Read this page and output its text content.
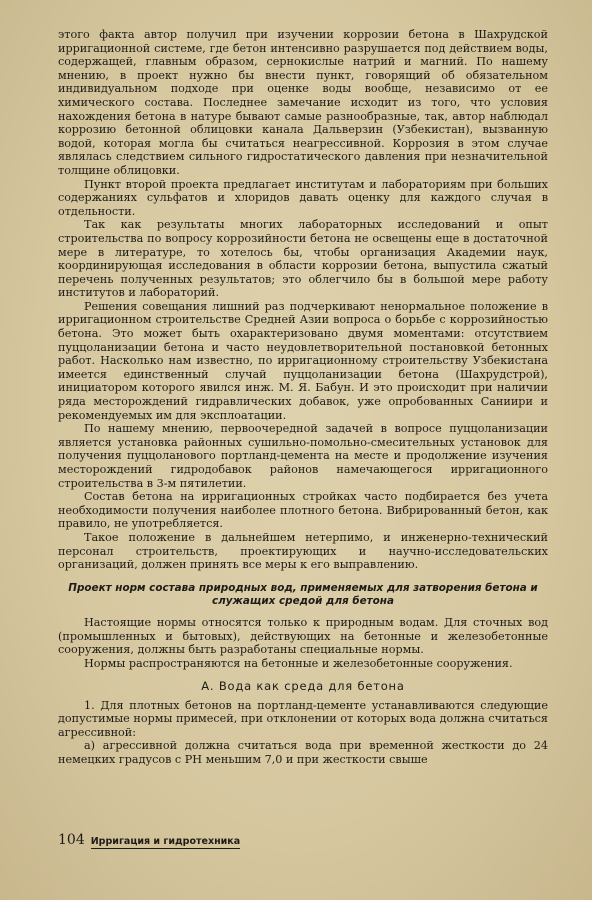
этого факта автор получил при изучении коррозии бетона в Шахрудской ирригационной системе, где бетон интенсивно разрушается под действием воды, содержащей, главным образом, сернокислые натрий и магний. По нашему мнению, в проект нужно бы внести пункт, говорящий об обязательном индивидуальном подходе при оценке воды вообще, независимо от ее химического состава. Последнее замечание исходит из того, что условия нахождения бетона в натуре бывают самые разнообразные, так, автор наблюдал коррозию бетонной облицовки канала Дальверзин (Узбекистан), вызванную водой, которая могла бы считаться неагрессивной. Коррозия в этом случае являлась следствием сильного гидростатического давления при незначительной толщине облицовки.

Пункт второй проекта предлагает институтам и лабораториям при больших содержаниях сульфатов и хлоридов давать оценку для каждого случая в отдельности.

Так как результаты многих лабораторных исследований и опыт строительства по вопросу коррозийности бетона не освещены еще в достаточной мере в литературе, то хотелось бы, чтобы организация Академии наук, координирующая исследования в области коррозии бетона, выпустила сжатый перечень полученных результатов; это облегчило бы в большой мере работу институтов и лабораторий.

Решения совещания лишний раз подчеркивают ненормальное положение в ирригационном строительстве Средней Азии вопроса о борьбе с коррозийностью бетона. Это может быть охарактеризовано двумя моментами: отсутствием пуццоланизации бетона и часто неудовлетворительной постановкой бетонных работ. Насколько нам известно, по ирригационному строительству Узбекистана имеется единственный случай пуццоланизации бетона (Шахрудстрой), инициатором которого явился инж. М. Я. Бабун. И это происходит при наличии ряда месторождений гидравлических добавок, уже опробованных Саниири и рекомендуемых им для эксплоатации.

По нашему мнению, первоочередной задачей в вопросе пуццоланизации является установка районных сушильно-помольно-смесительных установок для получения пуццоланового портланд-цемента на месте и продолжение изучения месторождений гидродобавок районов намечающегося ирригационного строительства в 3-м пятилетии.

Состав бетона на ирригационных стройках часто подбирается без учета необходимости получения наиболее плотного бетона. Вибрированный бетон, как правило, не употребляется.

Такое положение в дальнейшем нетерпимо, и инженерно-технический персонал строительств, проектирующих и научно-исследовательских организаций, должен принять все меры к его выправлению.

Проект норм состава природных вод, применяемых для затворения бетона и служащих средой для бетона

Настоящие нормы относятся только к природным водам. Для сточных вод (промышленных и бытовых), действующих на бетонные и железобетонные сооружения, должны быть разработаны специальные нормы.

Нормы распространяются на бетонные и железобетонные сооружения.

А. Вода как среда для бетона

1. Для плотных бетонов на портланд-цементе устанавливаются следующие допустимые нормы примесей, при отклонении от которых вода должна считаться агрессивной:

а) агрессивной должна считаться вода при временной жесткости до 24 немецких градусов с PH меньшим 7,0 и при жесткости свыше

104 Ирригация и гидротехника
